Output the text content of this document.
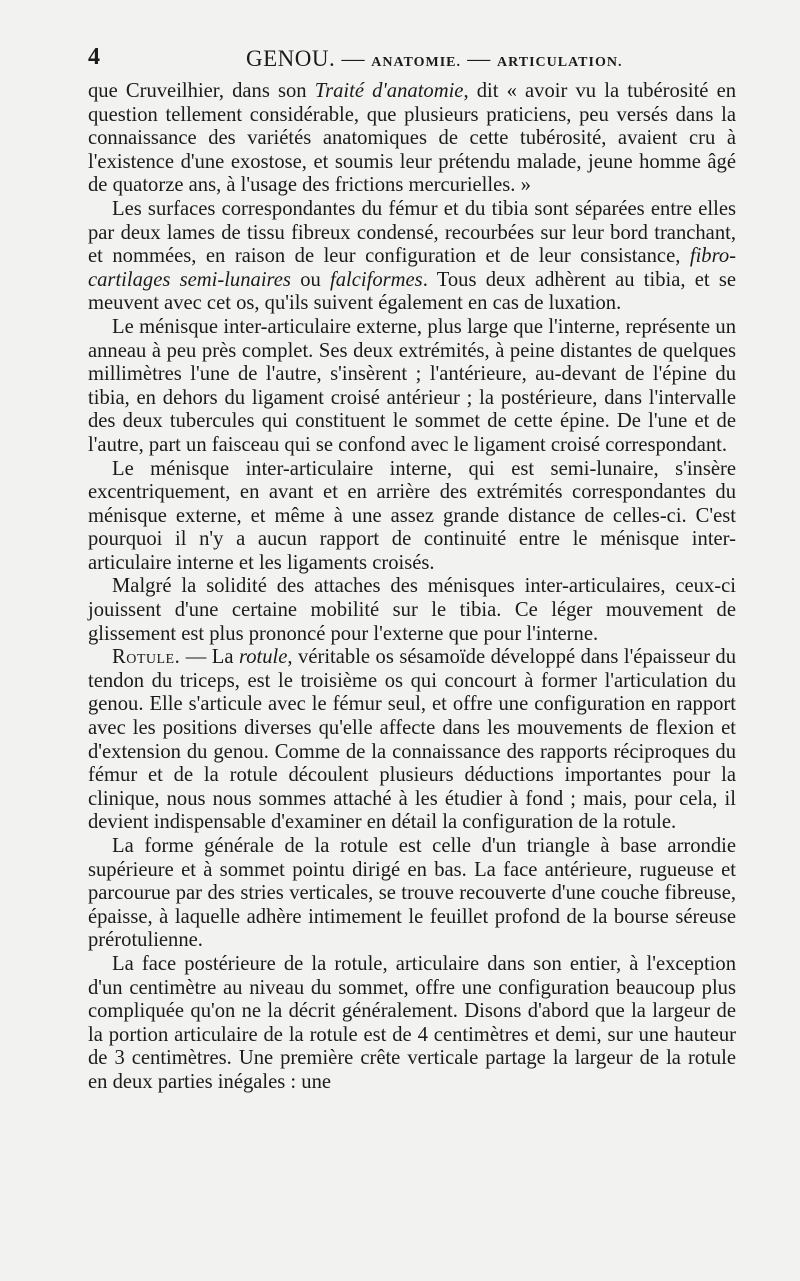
4	GENOU. — ANATOMIE. — ARTICULATION.

que Cruveilhier, dans son Traité d'anatomie, dit « avoir vu la tubérosité en question tellement considérable, que plusieurs praticiens, peu versés dans la connaissance des variétés anatomiques de cette tubérosité, avaient cru à l'existence d'une exostose, et soumis leur prétendu malade, jeune homme âgé de quatorze ans, à l'usage des frictions mercurielles. »

Les surfaces correspondantes du fémur et du tibia sont séparées entre elles par deux lames de tissu fibreux condensé, recourbées sur leur bord tranchant, et nommées, en raison de leur configuration et de leur consistance, fibro-cartilages semi-lunaires ou falciformes. Tous deux adhèrent au tibia, et se meuvent avec cet os, qu'ils suivent également en cas de luxation.

Le ménisque inter-articulaire externe, plus large que l'interne, représente un anneau à peu près complet. Ses deux extrémités, à peine distantes de quelques millimètres l'une de l'autre, s'insèrent ; l'antérieure, au-devant de l'épine du tibia, en dehors du ligament croisé antérieur ; la postérieure, dans l'intervalle des deux tubercules qui constituent le sommet de cette épine. De l'une et de l'autre, part un faisceau qui se confond avec le ligament croisé correspondant.

Le ménisque inter-articulaire interne, qui est semi-lunaire, s'insère excentriquement, en avant et en arrière des extrémités correspondantes du ménisque externe, et même à une assez grande distance de celles-ci. C'est pourquoi il n'y a aucun rapport de continuité entre le ménisque inter-articulaire interne et les ligaments croisés.

Malgré la solidité des attaches des ménisques inter-articulaires, ceux-ci jouissent d'une certaine mobilité sur le tibia. Ce léger mouvement de glissement est plus prononcé pour l'externe que pour l'interne.

Rotule. — La rotule, véritable os sésamoïde développé dans l'épaisseur du tendon du triceps, est le troisième os qui concourt à former l'articulation du genou. Elle s'articule avec le fémur seul, et offre une configuration en rapport avec les positions diverses qu'elle affecte dans les mouvements de flexion et d'extension du genou. Comme de la connaissance des rapports réciproques du fémur et de la rotule découlent plusieurs déductions importantes pour la clinique, nous nous sommes attaché à les étudier à fond ; mais, pour cela, il devient indispensable d'examiner en détail la configuration de la rotule.

La forme générale de la rotule est celle d'un triangle à base arrondie supérieure et à sommet pointu dirigé en bas. La face antérieure, rugueuse et parcourue par des stries verticales, se trouve recouverte d'une couche fibreuse, épaisse, à laquelle adhère intimement le feuillet profond de la bourse séreuse prérotulienne.

La face postérieure de la rotule, articulaire dans son entier, à l'exception d'un centimètre au niveau du sommet, offre une configuration beaucoup plus compliquée qu'on ne la décrit généralement. Disons d'abord que la largeur de la portion articulaire de la rotule est de 4 centimètres et demi, sur une hauteur de 3 centimètres. Une première crête verticale partage la largeur de la rotule en deux parties inégales : une
